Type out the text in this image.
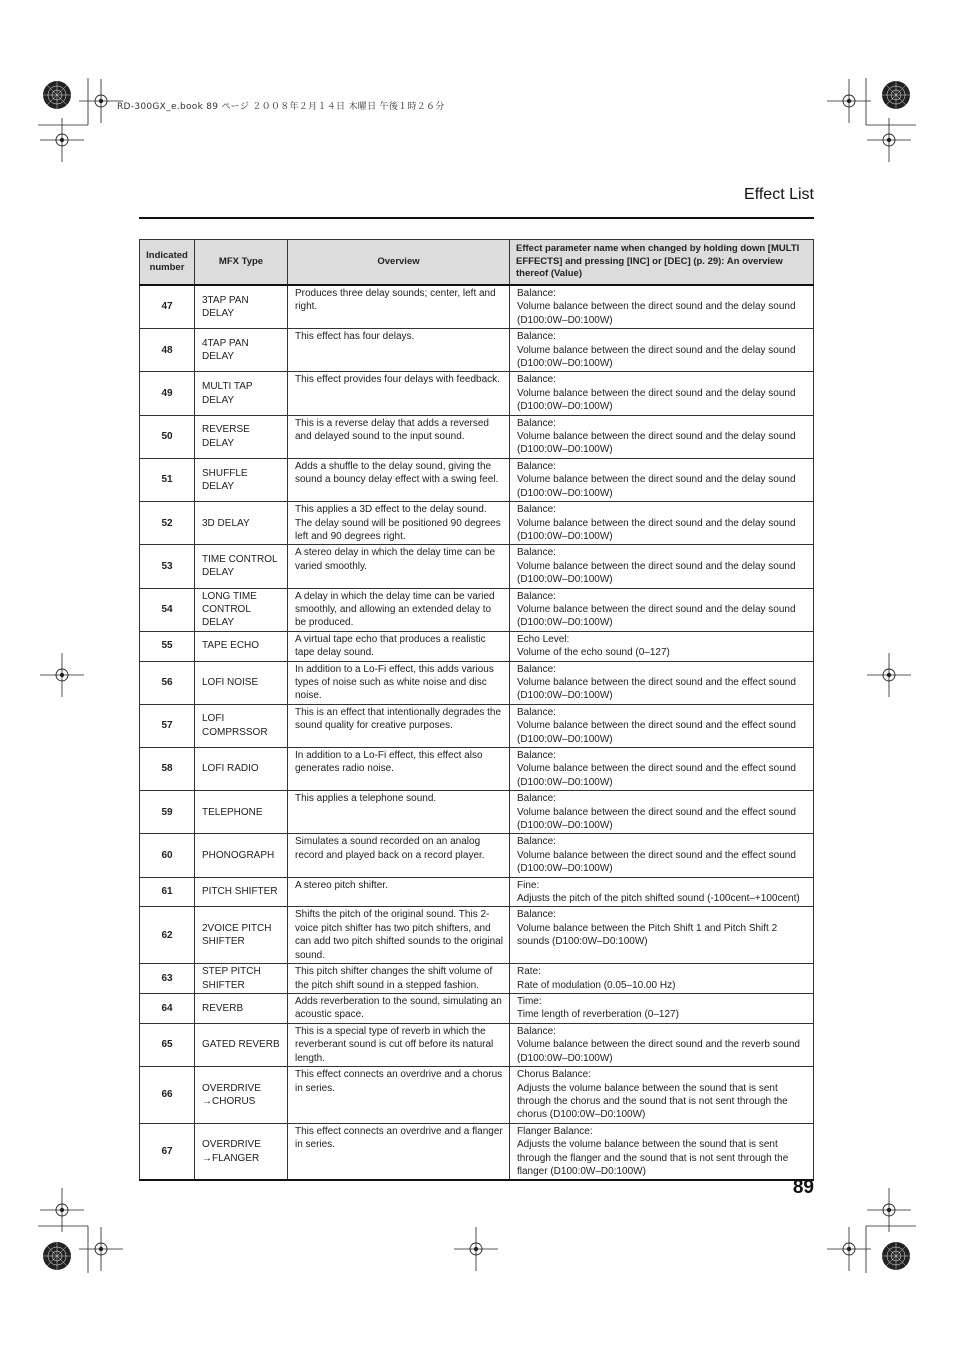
RD-300GX_e.book 89 ページ ２００８年２月１４日 木曜日 午後１時２６分
Effect List
Indicated number	MFX Type	Overview	Effect parameter name when changed by holding down [MULTI EFFECTS] and pressing [INC] or [DEC] (p. 29): An overview thereof (Value)
47	3TAP PAN DELAY	Produces three delay sounds; center, left and right.	Balance:
Volume balance between the direct sound and the delay sound (D100:0W–D0:100W)
48	4TAP PAN DELAY	This effect has four delays.	Balance:
Volume balance between the direct sound and the delay sound (D100:0W–D0:100W)
49	MULTI TAP DELAY	This effect provides four delays with feedback.	Balance:
Volume balance between the direct sound and the delay sound (D100:0W–D0:100W)
50	REVERSE DELAY	This is a reverse delay that adds a reversed and delayed sound to the input sound.	Balance:
Volume balance between the direct sound and the delay sound (D100:0W–D0:100W)
51	SHUFFLE DELAY	Adds a shuffle to the delay sound, giving the sound a bouncy delay effect with a swing feel.	Balance:
Volume balance between the direct sound and the delay sound (D100:0W–D0:100W)
52	3D DELAY	This applies a 3D effect to the delay sound. The delay sound will be positioned 90 degrees left and 90 degrees right.	Balance:
Volume balance between the direct sound and the delay sound (D100:0W–D0:100W)
53	TIME CONTROL DELAY	A stereo delay in which the delay time can be varied smoothly.	Balance:
Volume balance between the direct sound and the delay sound (D100:0W–D0:100W)
54	LONG TIME CONTROL DELAY	A delay in which the delay time can be varied smoothly, and allowing an extended delay to be produced.	Balance:
Volume balance between the direct sound and the delay sound (D100:0W–D0:100W)
55	TAPE ECHO	A virtual tape echo that produces a realistic tape delay sound.	Echo Level:
Volume of the echo sound (0–127)
56	LOFI NOISE	In addition to a Lo-Fi effect, this adds various types of noise such as white noise and disc noise.	Balance:
Volume balance between the direct sound and the effect sound (D100:0W–D0:100W)
57	LOFI COMPRSSOR	This is an effect that intentionally degrades the sound quality for creative purposes.	Balance:
Volume balance between the direct sound and the effect sound (D100:0W–D0:100W)
58	LOFI RADIO	In addition to a Lo-Fi effect, this effect also generates radio noise.	Balance:
Volume balance between the direct sound and the effect sound (D100:0W–D0:100W)
59	TELEPHONE	This applies a telephone sound.	Balance:
Volume balance between the direct sound and the effect sound (D100:0W–D0:100W)
60	PHONOGRAPH	Simulates a sound recorded on an analog record and played back on a record player.	Balance:
Volume balance between the direct sound and the effect sound (D100:0W–D0:100W)
61	PITCH SHIFTER	A stereo pitch shifter.	Fine:
Adjusts the pitch of the pitch shifted sound (-100cent–+100cent)
62	2VOICE PITCH SHIFTER	Shifts the pitch of the original sound. This 2-voice pitch shifter has two pitch shifters, and can add two pitch shifted sounds to the original sound.	Balance:
Volume balance between the Pitch Shift 1 and Pitch Shift 2 sounds (D100:0W–D0:100W)
63	STEP PITCH SHIFTER	This pitch shifter changes the shift volume of the pitch shift sound in a stepped fashion.	Rate:
Rate of modulation (0.05–10.00 Hz)
64	REVERB	Adds reverberation to the sound, simulating an acoustic space.	Time:
Time length of reverberation (0–127)
65	GATED REVERB	This is a special type of reverb in which the reverberant sound is cut off before its natural length.	Balance:
Volume balance between the direct sound and the reverb sound (D100:0W–D0:100W)
66	OVERDRIVE →CHORUS	This effect connects an overdrive and a chorus in series.	Chorus Balance:
Adjusts the volume balance between the sound that is sent through the chorus and the sound that is not sent through the chorus (D100:0W–D0:100W)
67	OVERDRIVE →FLANGER	This effect connects an overdrive and a flanger in series.	Flanger Balance:
Adjusts the volume balance between the sound that is sent through the flanger and the sound that is not sent through the flanger (D100:0W–D0:100W)
89
